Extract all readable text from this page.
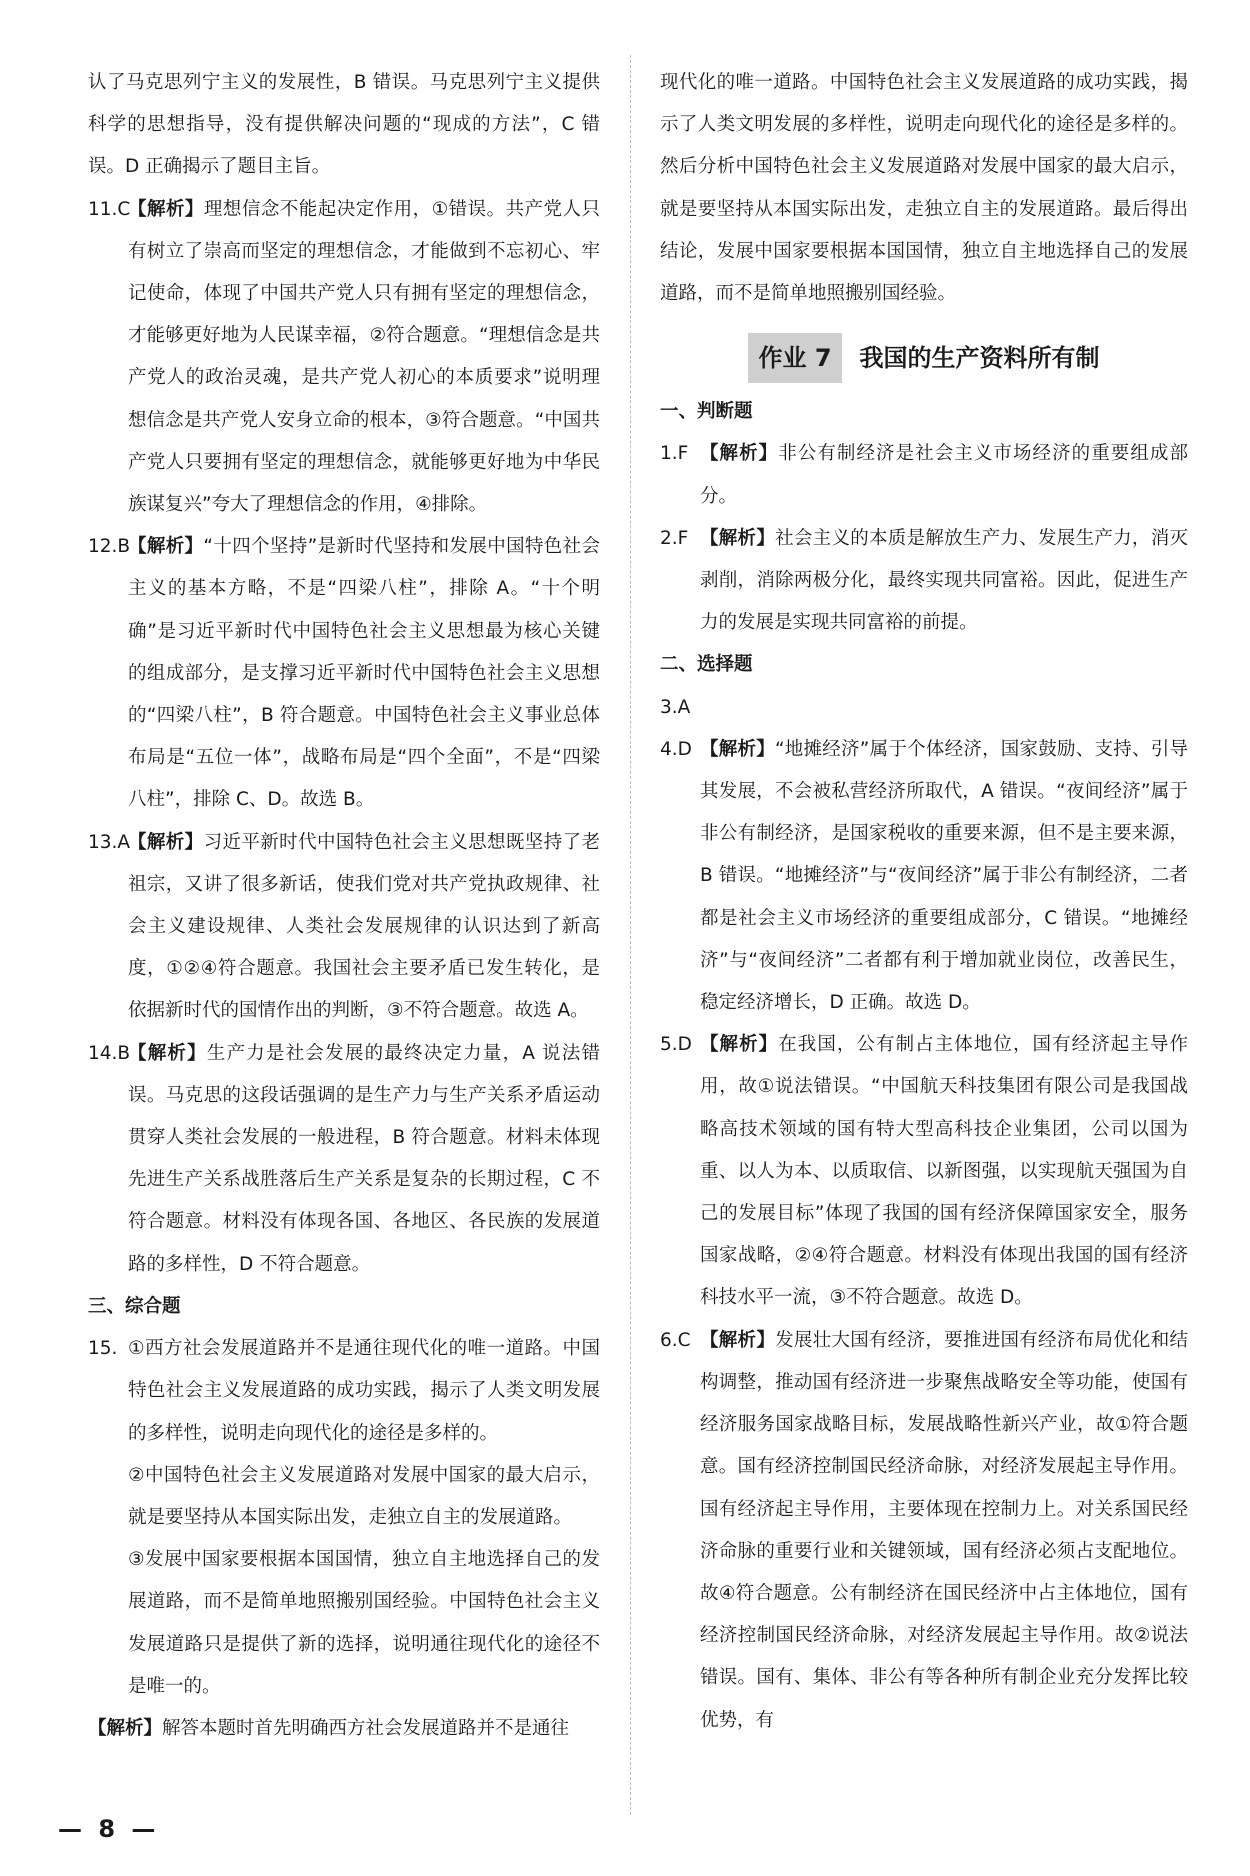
认了马克思列宁主义的发展性，B 错误。马克思列宁主义提供科学的思想指导，没有提供解决问题的“现成的方法”，C 错误。D 正确揭示了题目主旨。
11.C
【解析】理想信念不能起决定作用，①错误。共产党人只有树立了崇高而坚定的理想信念，才能做到不忘初心、牢记使命，体现了中国共产党人只有拥有坚定的理想信念，才能够更好地为人民谋幸福，②符合题意。“理想信念是共产党人的政治灵魂，是共产党人初心的本质要求”说明理想信念是共产党人安身立命的根本，③符合题意。“中国共产党人只要拥有坚定的理想信念，就能够更好地为中华民族谋复兴”夸大了理想信念的作用，④排除。
12.B
【解析】“十四个坚持”是新时代坚持和发展中国特色社会主义的基本方略，不是“四梁八柱”，排除 A。“十个明确”是习近平新时代中国特色社会主义思想最为核心关键的组成部分，是支撑习近平新时代中国特色社会主义思想的“四梁八柱”，B 符合题意。中国特色社会主义事业总体布局是“五位一体”，战略布局是“四个全面”，不是“四梁八柱”，排除 C、D。故选 B。
13.A
【解析】习近平新时代中国特色社会主义思想既坚持了老祖宗，又讲了很多新话，使我们党对共产党执政规律、社会主义建设规律、人类社会发展规律的认识达到了新高度，①②④符合题意。我国社会主要矛盾已发生转化，是依据新时代的国情作出的判断，③不符合题意。故选 A。
14.B
【解析】生产力是社会发展的最终决定力量，A 说法错误。马克思的这段话强调的是生产力与生产关系矛盾运动贯穿人类社会发展的一般进程，B 符合题意。材料未体现先进生产关系战胜落后生产关系是复杂的长期过程，C 不符合题意。材料没有体现各国、各地区、各民族的发展道路的多样性，D 不符合题意。
三、综合题
15. ①西方社会发展道路并不是通往现代化的唯一道路。中国特色社会主义发展道路的成功实践，揭示了人类文明发展的多样性，说明走向现代化的途径是多样的。
②中国特色社会主义发展道路对发展中国家的最大启示，就是要坚持从本国实际出发，走独立自主的发展道路。
③发展中国家要根据本国国情，独立自主地选择自己的发展道路，而不是简单地照搬别国经验。中国特色社会主义发展道路只是提供了新的选择，说明通往现代化的途径不是唯一的。
【解析】解答本题时首先明确西方社会发展道路并不是通往
现代化的唯一道路。中国特色社会主义发展道路的成功实践，揭示了人类文明发展的多样性，说明走向现代化的途径是多样的。然后分析中国特色社会主义发展道路对发展中国家的最大启示，就是要坚持从本国实际出发，走独立自主的发展道路。最后得出结论，发展中国家要根据本国国情，独立自主地选择自己的发展道路，而不是简单地照搬别国经验。
作业 7 我国的生产资料所有制
一、判断题
1.F 【解析】非公有制经济是社会主义市场经济的重要组成部分。
2.F 【解析】社会主义的本质是解放生产力、发展生产力，消灭剥削，消除两极分化，最终实现共同富裕。因此，促进生产力的发展是实现共同富裕的前提。
二、选择题
3.A

4.D 【解析】“地摊经济”属于个体经济，国家鼓励、支持、引导其发展，不会被私营经济所取代，A 错误。“夜间经济”属于非公有制经济，是国家税收的重要来源，但不是主要来源，B 错误。“地摊经济”与“夜间经济”属于非公有制经济，二者都是社会主义市场经济的重要组成部分，C 错误。“地摊经济”与“夜间经济”二者都有利于增加就业岗位，改善民生，稳定经济增长，D 正确。故选 D。
5.D 【解析】在我国，公有制占主体地位，国有经济起主导作用，故①说法错误。“中国航天科技集团有限公司是我国战略高技术领域的国有特大型高科技企业集团，公司以国为重、以人为本、以质取信、以新图强，以实现航天强国为自己的发展目标”体现了我国的国有经济保障国家安全，服务国家战略，②④符合题意。材料没有体现出我国的国有经济科技水平一流，③不符合题意。故选 D。
6.C 【解析】发展壮大国有经济，要推进国有经济布局优化和结构调整，推动国有经济进一步聚焦战略安全等功能，使国有经济服务国家战略目标，发展战略性新兴产业，故①符合题意。国有经济控制国民经济命脉，对经济发展起主导作用。国有经济起主导作用，主要体现在控制力上。对关系国民经济命脉的重要行业和关键领域，国有经济必须占支配地位。故④符合题意。公有制经济在国民经济中占主体地位，国有经济控制国民经济命脉，对经济发展起主导作用。故②说法错误。国有、集体、非公有等各种所有制企业充分发挥比较优势，有
— 8 —
